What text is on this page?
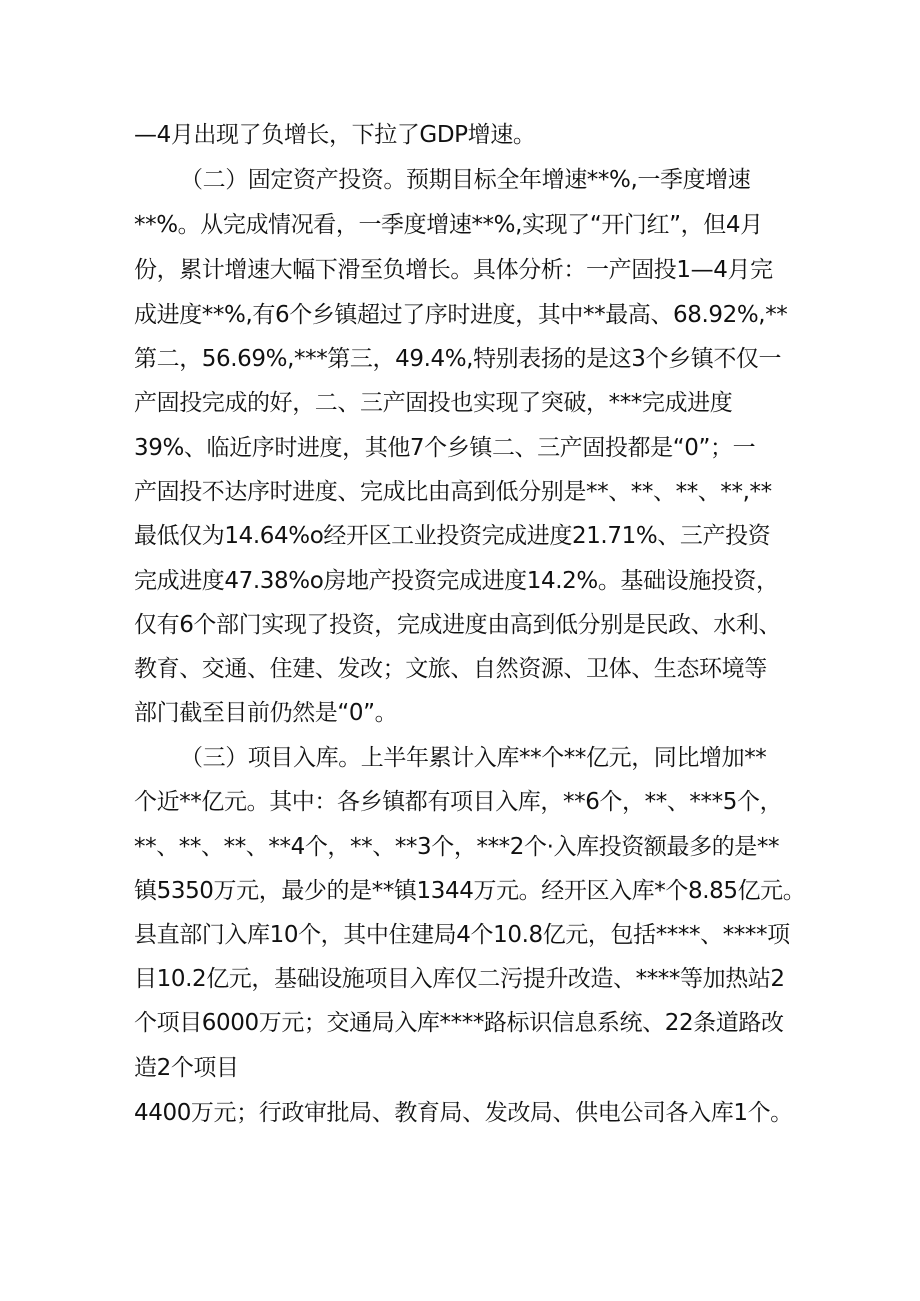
—4月出现了负增长，下拉了GDP增速。
（二）固定资产投资。预期目标全年增速**%,一季度增速
**%。从完成情况看，一季度增速**%,实现了“开门红”，但4月
份，累计增速大幅下滑至负增长。具体分析：一产固投1—4月完
成进度**%,有6个乡镇超过了序时进度，其中**最高、68.92%,**
第二，56.69%,***第三，49.4%,特别表扬的是这3个乡镇不仅一
产固投完成的好，二、三产固投也实现了突破，***完成进度
39%、临近序时进度，其他7个乡镇二、三产固投都是“0”；一
产固投不达序时进度、完成比由高到低分别是**、**、**、**,**
最低仅为14.64%o经开区工业投资完成进度21.71%、三产投资
完成进度47.38%o房地产投资完成进度14.2%。基础设施投资，
仅有6个部门实现了投资，完成进度由高到低分别是民政、水利、
教育、交通、住建、发改；文旅、自然资源、卫体、生态环境等
部门截至目前仍然是“0”。
（三）项目入库。上半年累计入库**个**亿元，同比增加**
个近**亿元。其中：各乡镇都有项目入库，**6个，**、***5个，
**、**、**、**4个，**、**3个，***2个·入库投资额最多的是**
镇5350万元，最少的是**镇1344万元。经开区入库*个8.85亿元。
县直部门入库10个，其中住建局4个10.8亿元，包括****、****项
目10.2亿元，基础设施项目入库仅二污提升改造、****等加热站2
个项目6000万元；交通局入库****路标识信息系统、22条道路改
造2个项目
4400万元；行政审批局、教育局、发改局、供电公司各入库1个。
